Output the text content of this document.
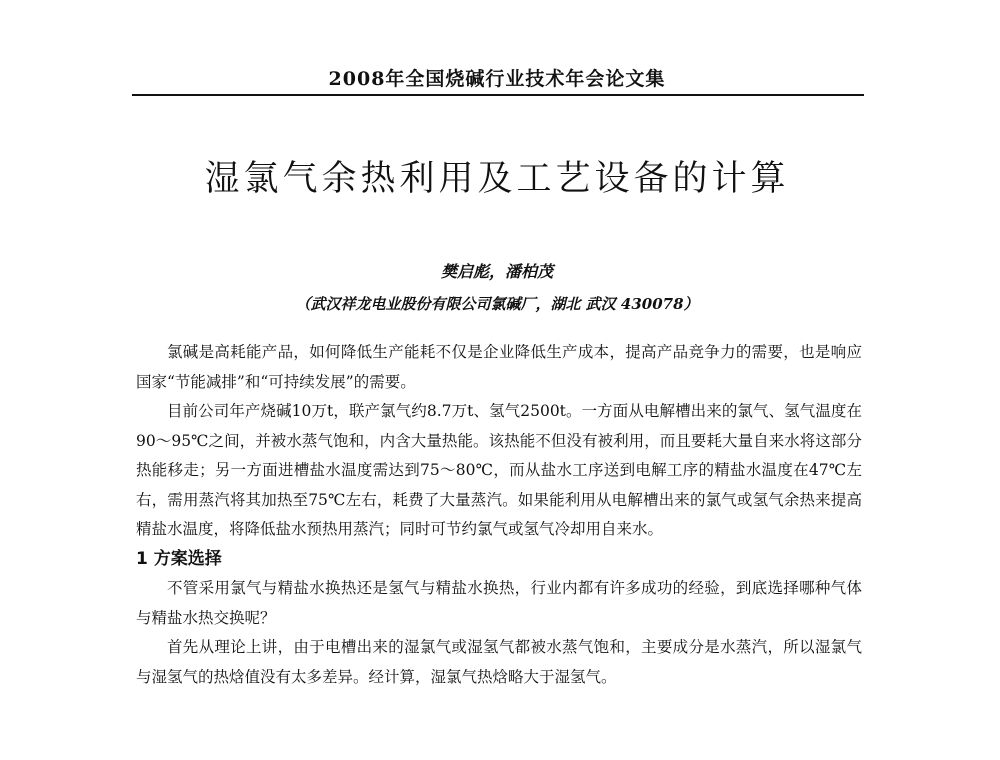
2008年全国烧碱行业技术年会论文集
湿氯气余热利用及工艺设备的计算
樊启彪，潘柏茂
（武汉祥龙电业股份有限公司氯碱厂，湖北 武汉 430078）

氯碱是高耗能产品，如何降低生产能耗不仅是企业降低生产成本，提高产品竞争力的需要，也是响应国家“节能减排”和“可持续发展”的需要。

目前公司年产烧碱10万t，联产氯气约8.7万t、氢气2500t。一方面从电解槽出来的氯气、氢气温度在90～95℃之间，并被水蒸气饱和，内含大量热能。该热能不但没有被利用，而且要耗大量自来水将这部分热能移走；另一方面进槽盐水温度需达到75～80℃，而从盐水工序送到电解工序的精盐水温度在47℃左右，需用蒸汽将其加热至75℃左右，耗费了大量蒸汽。如果能利用从电解槽出来的氯气或氢气余热来提高精盐水温度，将降低盐水预热用蒸汽；同时可节约氯气或氢气冷却用自来水。

1 方案选择

不管采用氯气与精盐水换热还是氢气与精盐水换热，行业内都有许多成功的经验，到底选择哪种气体与精盐水热交换呢？

首先从理论上讲，由于电槽出来的湿氯气或湿氢气都被水蒸气饱和，主要成分是水蒸汽，所以湿氯气与湿氢气的热焓值没有太多差异。经计算，湿氯气热焓略大于湿氢气。
